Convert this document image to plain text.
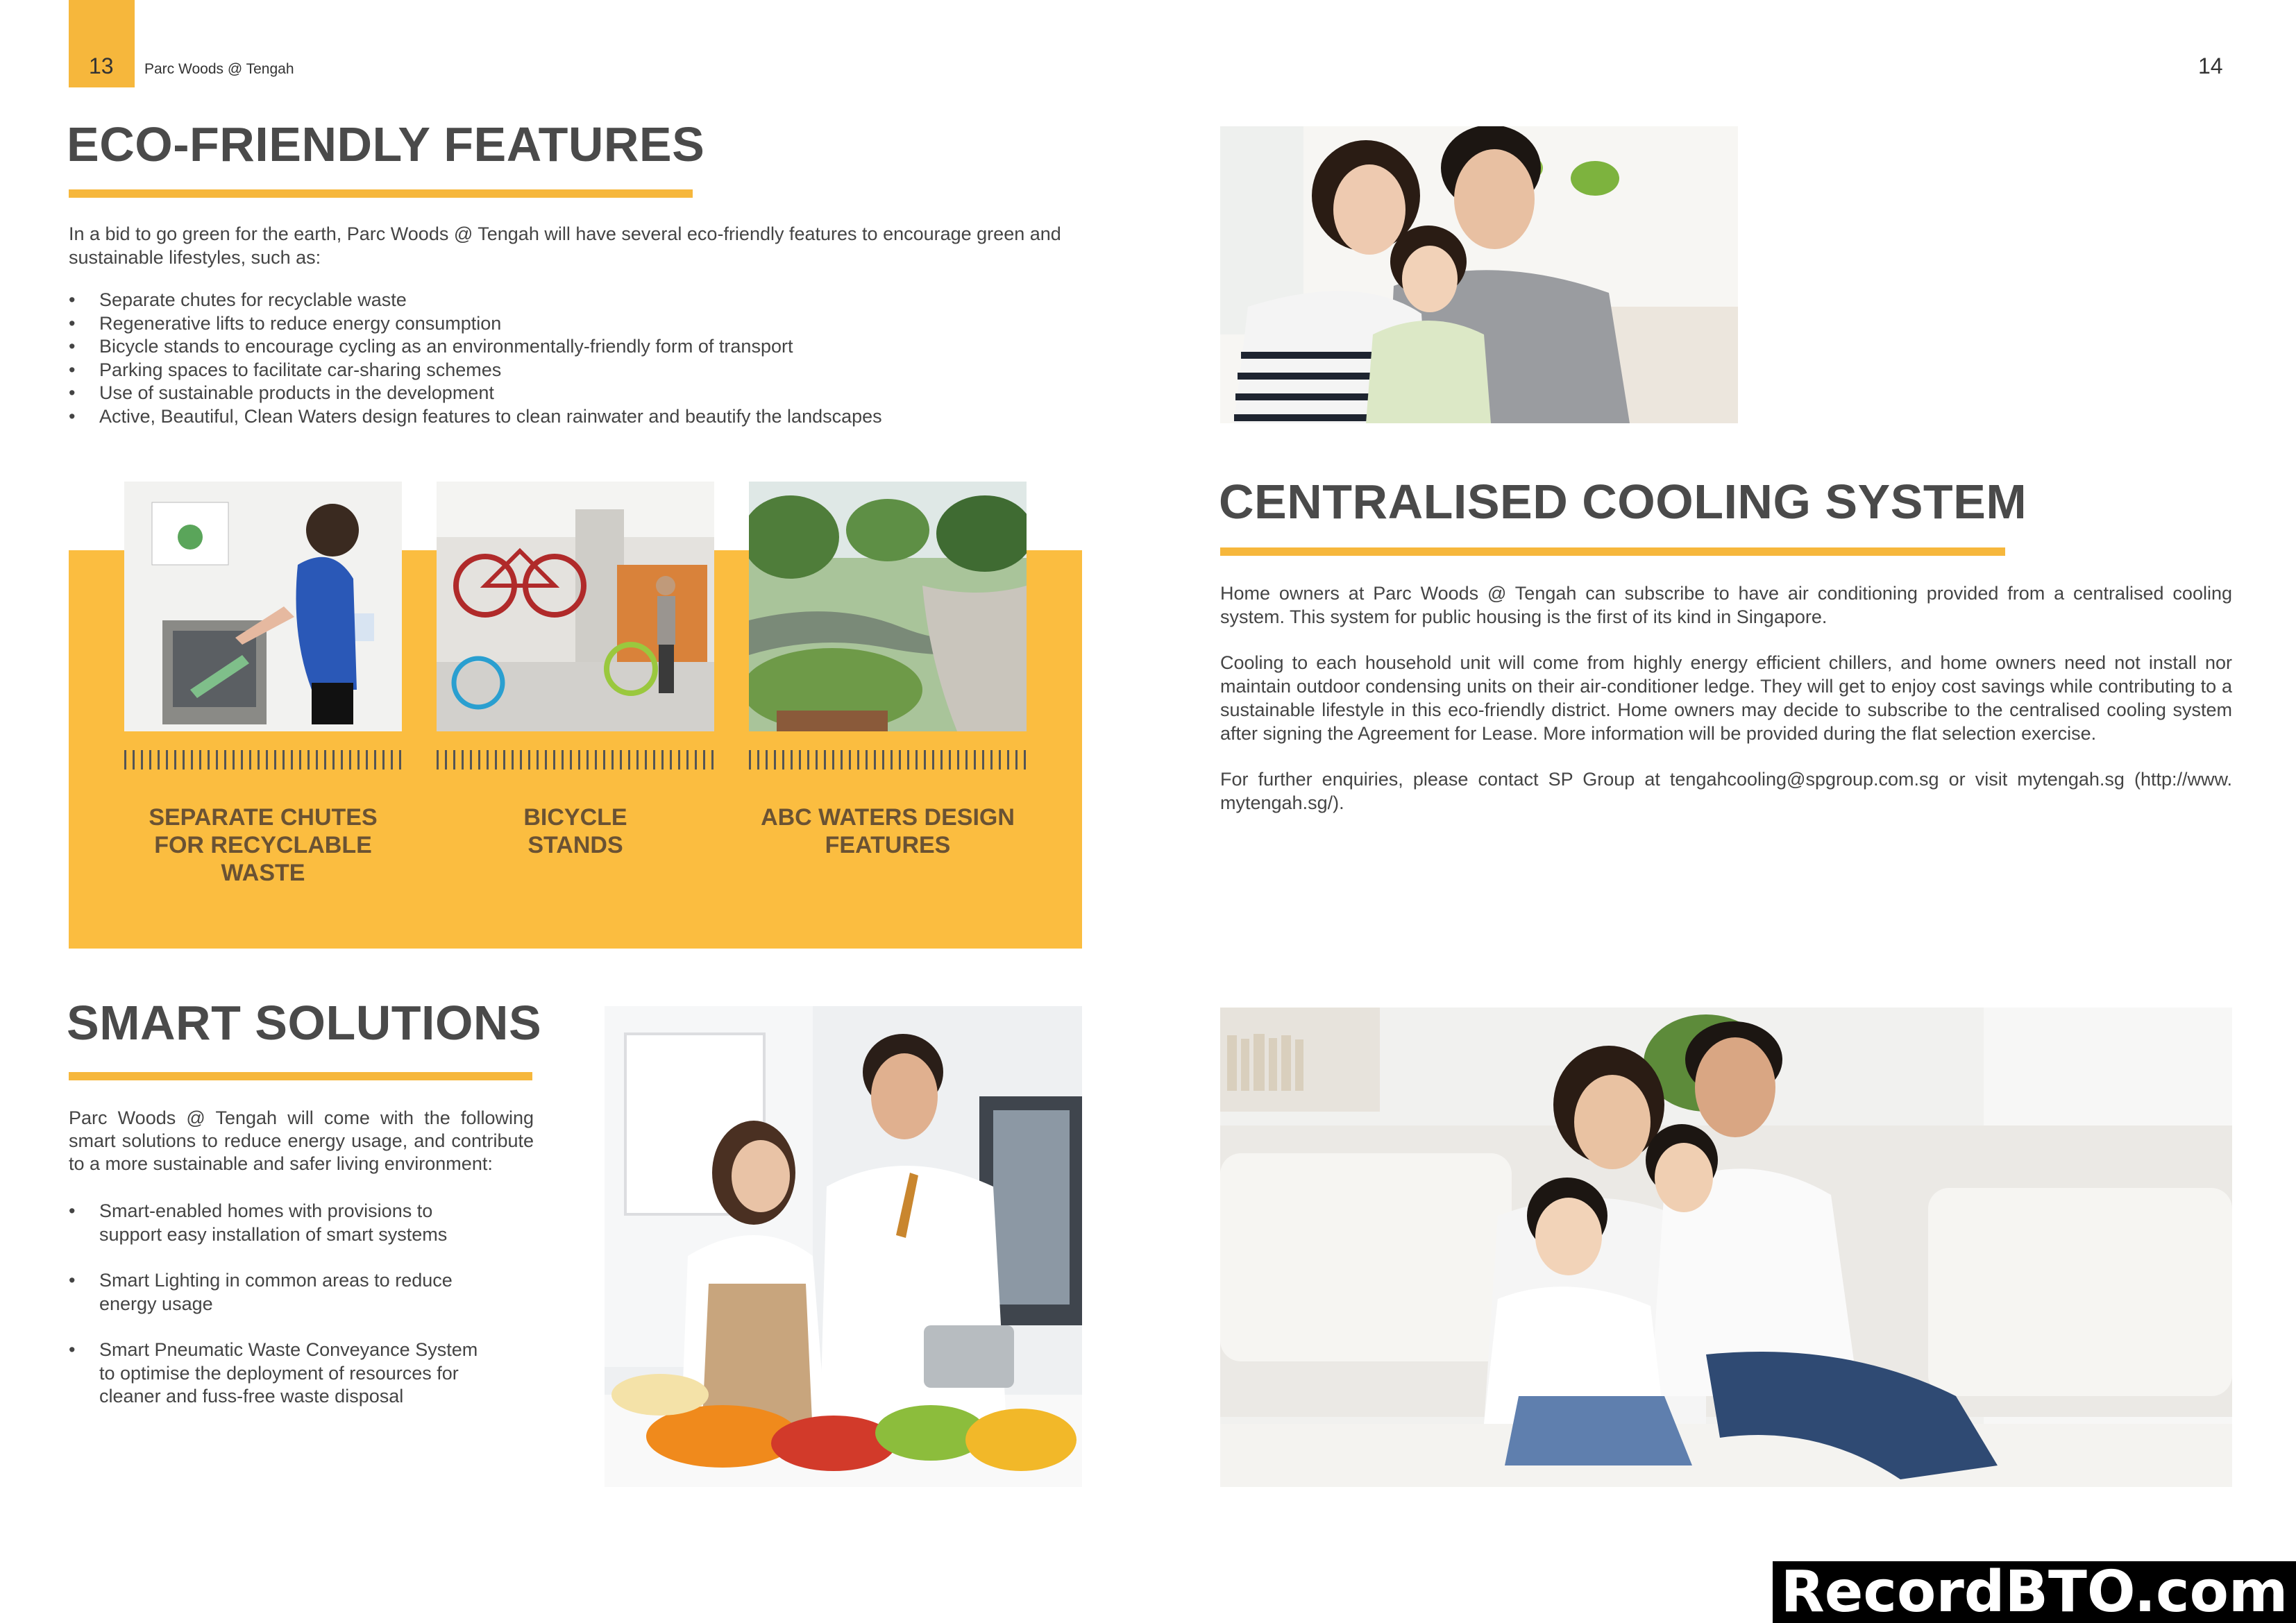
13 Parc Woods @ Tengah	14
ECO-FRIENDLY FEATURES

In a bid to go green for the earth, Parc Woods @ Tengah will have several eco-friendly features to encourage green and sustainable lifestyles, such as:

• Separate chutes for recyclable waste
• Regenerative lifts to reduce energy consumption
• Bicycle stands to encourage cycling as an environmentally-friendly form of transport
• Parking spaces to facilitate car-sharing schemes
• Use of sustainable products in the development
• Active, Beautiful, Clean Waters design features to clean rainwater and beautify the landscapes
SEPARATE CHUTES
FOR RECYCLABLE
WASTE
BICYCLE
STANDS
ABC WATERS DESIGN
FEATURES
SMART SOLUTIONS

Parc Woods @ Tengah will come with the following smart solutions to reduce energy usage, and contribute to a more sustainable and safer living environment:

• Smart-enabled homes with provisions to
support easy installation of smart systems
• Smart Lighting in common areas to reduce
energy usage
• Smart Pneumatic Waste Conveyance System
to optimise the deployment of resources for
cleaner and fuss-free waste disposal
CENTRALISED COOLING SYSTEM

Home owners at Parc Woods @ Tengah can subscribe to have air conditioning provided from a centralised cooling system. This system for public housing is the first of its kind in Singapore.

Cooling to each household unit will come from highly energy efficient chillers, and home owners need not install nor maintain outdoor condensing units on their air-conditioner ledge. They will get to enjoy cost savings while contributing to a sustainable lifestyle in this eco-friendly district. Home owners may decide to subscribe to the centralised cooling system after signing the Agreement for Lease. More information will be provided during the flat selection exercise.

For further enquiries, please contact SP Group at tengahcooling@spgroup.com.sg or visit mytengah.sg (http://www. mytengah.sg/).

RecordBTO.com
